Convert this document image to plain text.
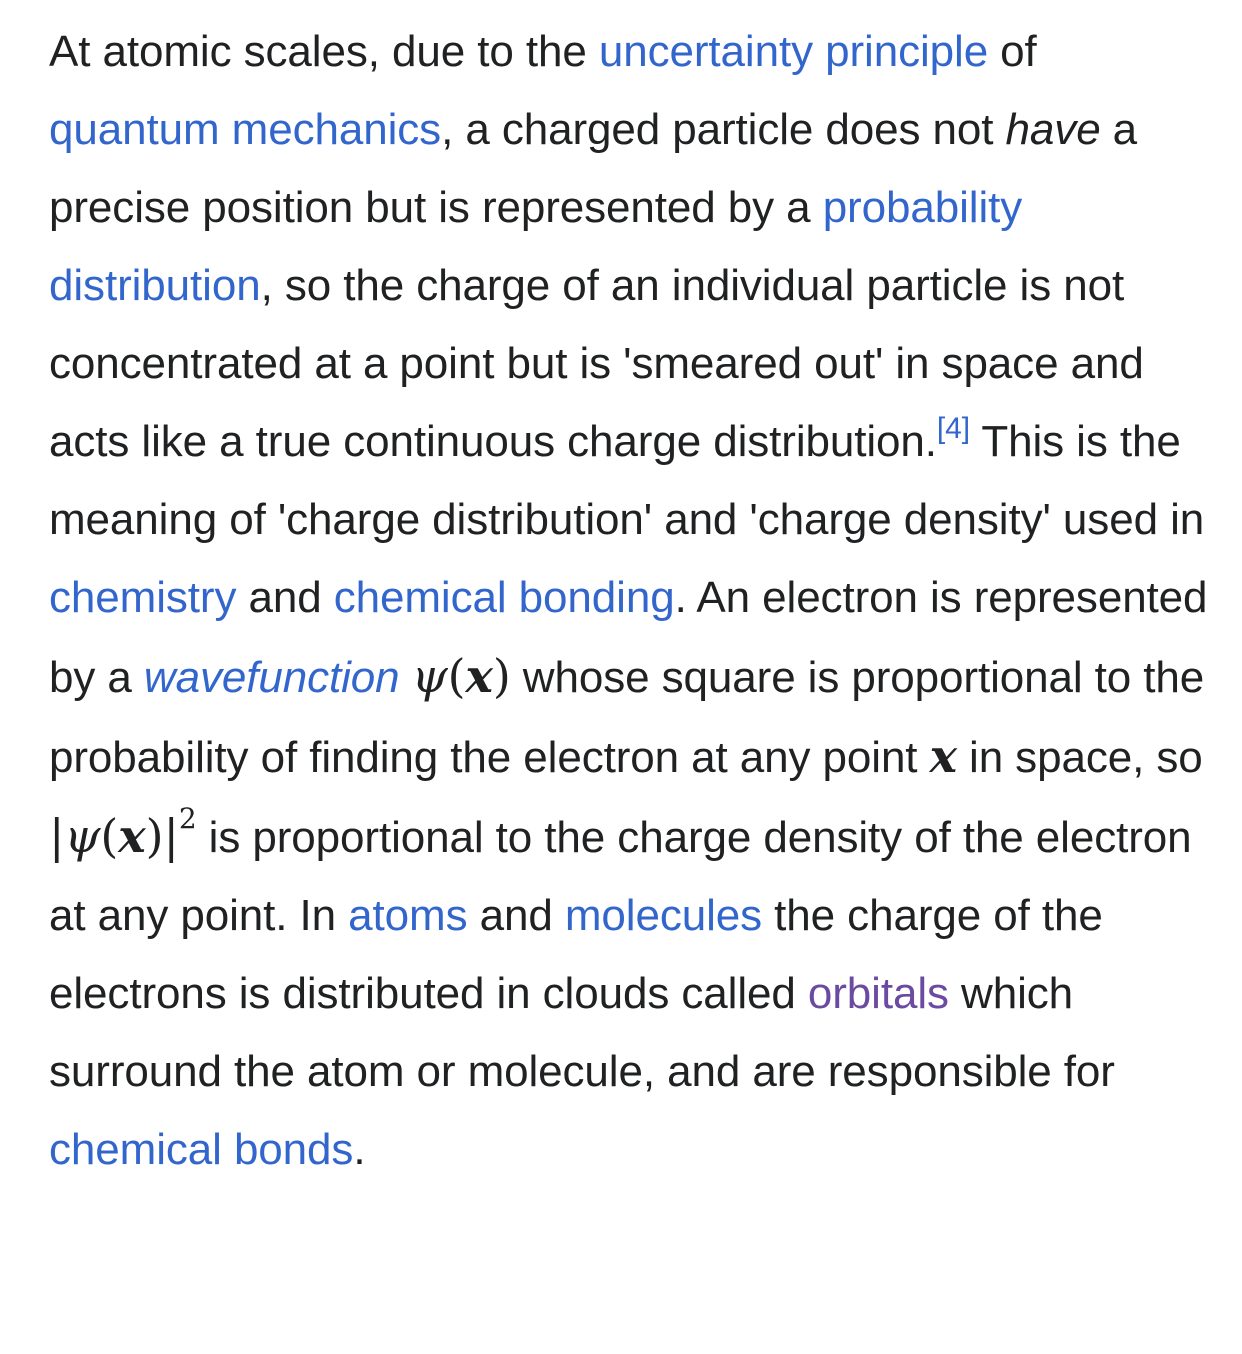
At atomic scales, due to the uncertainty principle of quantum mechanics, a charged particle does not have a precise position but is represented by a probability distribution, so the charge of an individual particle is not concentrated at a point but is 'smeared out' in space and acts like a true continuous charge distribution.[4] This is the meaning of 'charge distribution' and 'charge density' used in chemistry and chemical bonding. An electron is represented by a wavefunction ψ(x) whose square is proportional to the probability of finding the electron at any point x in space, so $|\psi(x)|^2$ is proportional to the charge density of the electron at any point. In atoms and molecules the charge of the electrons is distributed in clouds called orbitals which surround the atom or molecule, and are responsible for chemical bonds.
